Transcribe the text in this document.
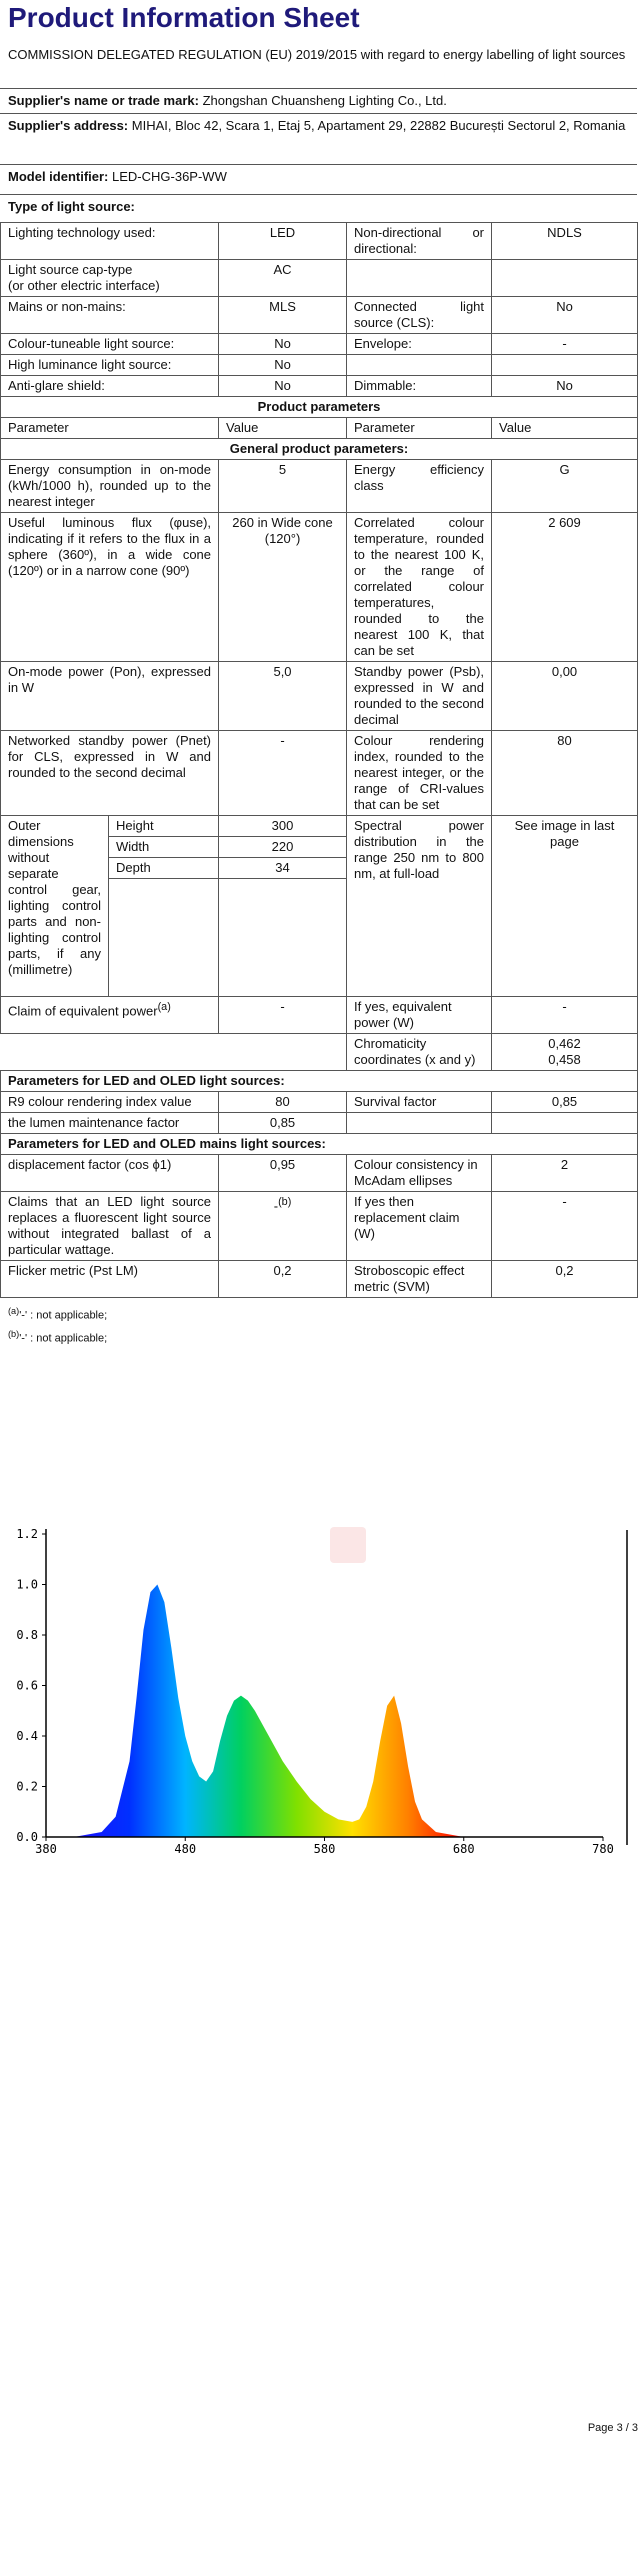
Product Information Sheet
COMMISSION DELEGATED REGULATION (EU) 2019/2015 with regard to energy labelling of light sources
Supplier's name or trade mark: Zhongshan Chuansheng Lighting Co., Ltd.
Supplier's address: MIHAI, Bloc 42, Scara 1, Etaj 5, Apartament 29, 22882 București Sectorul 2, Romania
Model identifier: LED-CHG-36P-WW
Type of light source:
Lighting technology used:		LED	Non-directional or directional:	NDLS
Light source cap-type
(or other electric interface)		AC		
Mains or non-mains:		MLS	Connected light source (CLS):	No
Colour-tuneable light source:		No	Envelope:	-
High luminance light source:		No		
Anti-glare shield:		No	Dimmable:	No
Product parameters				
Parameter		Value	Parameter	Value
General product parameters:				
Energy consumption in on-mode (kWh/1000 h), rounded up to the nearest integer		5	Energy efficiency class	G
Useful luminous flux (φuse), indicating if it refers to the flux in a sphere (360º), in a wide cone (120º) or in a narrow cone (90º)		260 in Wide cone (120°)	Correlated colour temperature, rounded to the nearest 100 K, or the range of correlated colour temperatures, rounded to the nearest 100 K, that can be set	2 609
On-mode power (Pon), expressed in W		5,0	Standby power (Psb), expressed in W and rounded to the second decimal	0,00
Networked standby power (Pnet) for CLS, expressed in W and rounded to the second decimal		-	Colour rendering index, rounded to the nearest integer, or the range of CRI-values that can be set	80
Outer dimensions without separate control gear, lighting control parts and non-lighting control parts, if any (millimetre)	Height	300	Spectral power distribution in the range 250 nm to 800 nm, at full-load	See image in last page
	Width	220		
	Depth	34		

Claim of equivalent power$^{(a)}$		-	If yes, equivalent power (W)	-
			Chromaticity coordinates (x and y)	0,462
0,458

Parameters for LED and OLED light sources:				
R9 colour rendering index value		80	Survival factor	0,85
the lumen maintenance factor		0,85		
Parameters for LED and OLED mains light sources:				
displacement factor (cos ϕ1)		0,95	Colour consistency in McAdam ellipses	2
Claims that an LED light source replaces a fluorescent light source without integrated ballast of a particular wattage.		-$^{(b)}$	If yes then replacement claim (W)	-
Flicker metric (Pst LM)		0,2	Stroboscopic effect metric (SVM)	0,2
$^{(a)}$'-' : not applicable;
$^{(b)}$'-' : not applicable;
0.0
0.2
0.4
0.6
0.8
1.0
1.2
380	480	580	680	780
Page 3 / 3
